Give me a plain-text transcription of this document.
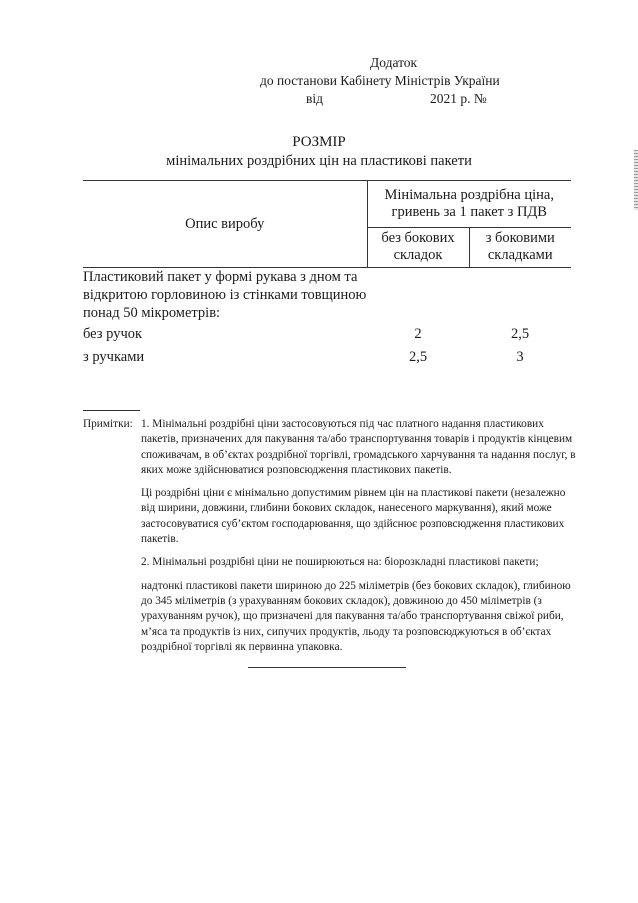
Додаток
до постанови Кабінету Міністрів України
від	2021 р. №
РОЗМІР
мінімальних роздрібних цін на пластикові пакети
Опис виробу	Мінімальна роздрібна ціна, гривень за 1 пакет з ПДВ	
	без бокових складок	з боковими складками
Пластиковий пакет у формі рукава з дном та відкритою горловиною із стінками товщиною понад 50 мікрометрів:		
без ручок	2	2,5
з ручками	2,5	3
Примітки: 1. Мінімальні роздрібні ціни застосовуються під час платного надання пластикових пакетів, призначених для пакування та/або транспортування товарів і продуктів кінцевим споживачам, в об’єктах роздрібної торгівлі, громадського харчування та надання послуг, в яких може здійснюватися розповсюдження пластикових пакетів.

Ці роздрібні ціни є мінімально допустимим рівнем цін на пластикові пакети (незалежно від ширини, довжини, глибини бокових складок, нанесеного маркування), який може застосовуватися суб’єктом господарювання, що здійснює розповсюдження пластикових пакетів.

2. Мінімальні роздрібні ціни не поширюються на: біорозкладні пластикові пакети;

надтонкі пластикові пакети шириною до 225 міліметрів (без бокових складок), глибиною до 345 міліметрів (з урахуванням бокових складок), довжиною до 450 міліметрів (з урахуванням ручок), що призначені для пакування та/або транспортування свіжої риби, м’яса та продуктів із них, сипучих продуктів, льоду та розповсюджуються в об’єктах роздрібної торгівлі як первинна упаковка.
